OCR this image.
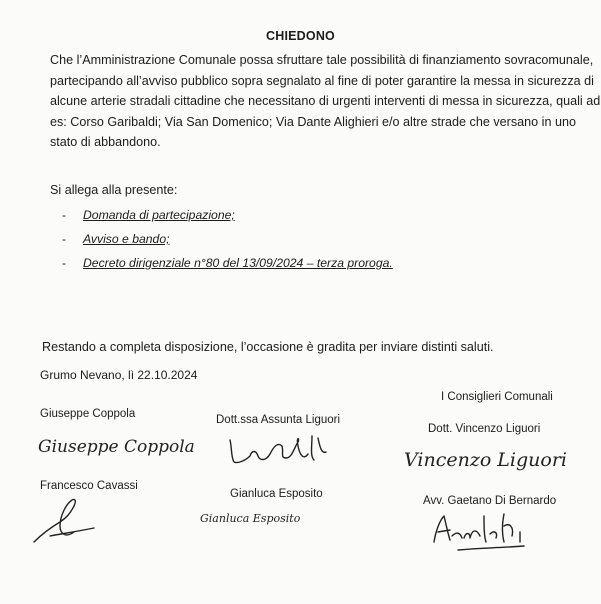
CHIEDONO

Che l’Amministrazione Comunale possa sfruttare tale possibilità di finanziamento sovracomunale,
partecipando all’avviso pubblico sopra segnalato al fine di poter garantire la messa in sicurezza di
alcune arterie stradali cittadine che necessitano di urgenti interventi di messa in sicurezza, quali ad
es: Corso Garibaldi; Via San Domenico; Via Dante Alighieri e/o altre strade che versano in uno
stato di abbandono.

Si allega alla presente:
-	Domanda di partecipazione;
-	Avviso e bando;
-	Decreto dirigenziale n°80 del 13/09/2024 – terza proroga.
Restando a completa disposizione, l’occasione è gradita per inviare distinti saluti.
Grumo Nevano, lì 22.10.2024
I Consiglieri Comunali
Giuseppe Coppola
Giuseppe Coppola
Dott.ssa Assunta Liguori
Dott. Vincenzo Liguori
Vincenzo Liguori
Francesco Cavassi
Gianluca Esposito
Gianluca Esposito
Avv. Gaetano Di Bernardo
